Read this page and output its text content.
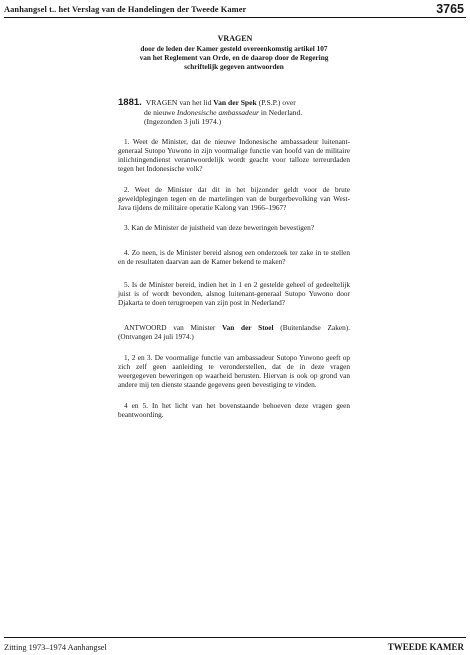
Aanhangsel t.. het Verslag van de Handelingen der Tweede Kamer	3765
VRAGEN
door de leden der Kamer gesteld overeenkomstig artikel 107
van het Reglement van Orde, en de daarop door de Regering
schriftelijk gegeven antwoorden
1881. VRAGEN van het lid Van der Spek (P.S.P.) over
de nieuwe Indonesische ambassadeur in Nederland.
(Ingezonden 3 juli 1974.)

1. Weet de Minister, dat de nieuwe Indonesische ambassadeur luitenant-generaal Sutopo Yuwono in zijn voormalige functie van hoofd van de militaire inlichtingendienst verantwoordelijk wordt geacht voor talloze terreurdaden tegen het Indonesische volk?

2. Weet de Minister dat dit in het bijzonder geldt voor de brute geweldplegingen tegen en de martelingen van de burgerbevolking van West-Java tijdens de militaire operatie Kalong van 1966–1967?

3. Kan de Minister de juistheid van deze beweringen bevestigen?

4. Zo neen, is de Minister bereid alsnog een onderzoek ter zake in te stellen en de resultaten daarvan aan de Kamer bekend te maken?

5. Is de Minister bereid, indien het in 1 en 2 gestelde geheel of gedeeltelijk juist is of wordt bevonden, alsnog luitenant-generaal Sutopo Yuwono door Djakarta te doen terugroepen van zijn post in Nederland?

ANTWOORD van Minister Van der Stoel (Buitenlandse Zaken). (Ontvangen 24 juli 1974.)

1, 2 en 3. De voormalige functie van ambassadeur Sutopo Yuwono geeft op zich zelf geen aanleiding te veronderstellen, dat de in deze vragen weergegeven beweringen op waarheid berusten. Hiervan is ook op grond van andere mij ten dienste staande gegevens geen bevestiging te vinden.

4 en 5. In het licht van het bovenstaande behoeven deze vragen geen beantwoording.

Zitting 1973–1974 Aanhangsel	TWEEDE KAMER
